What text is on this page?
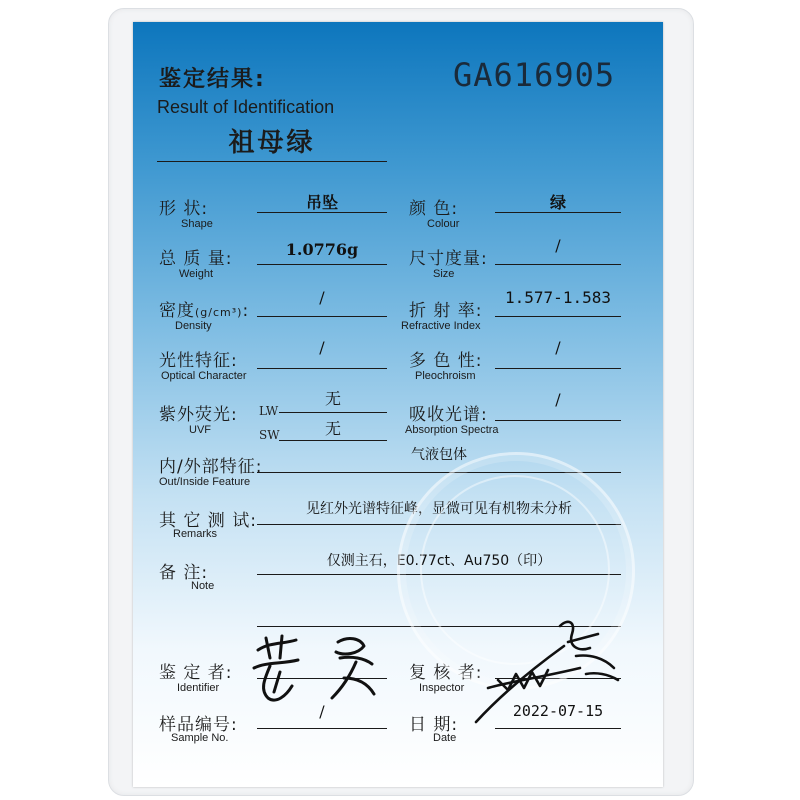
鉴定结果:
Result of Identification
GA616905
祖母绿
形 状:
Shape
吊坠	颜 色:
Colour
绿
总 质 量:
Weight
1.0776g	尺寸度量:
Size
/
密度(g/cm³):
Density
/
折 射 率:
Refractive Index
1.577-1.583
光性特征:
Optical Character
/
多 色 性:
Pleochroism
/
紫外荧光:
UVF
LW
无
SW	无
吸收光谱:
Absorption Spectra
/
内/外部特征:
Out/Inside Feature
气液包体
其 它 测 试:
Remarks
见红外光谱特征峰，显微可见有机物未分析
备 注:
Note
仅测主石，E0.77ct、Au750（印）
鉴 定 者:
Identifier
复 核 者:
Inspector
样品编号:
Sample No.
/
日 期:
Date
2022-07-15
